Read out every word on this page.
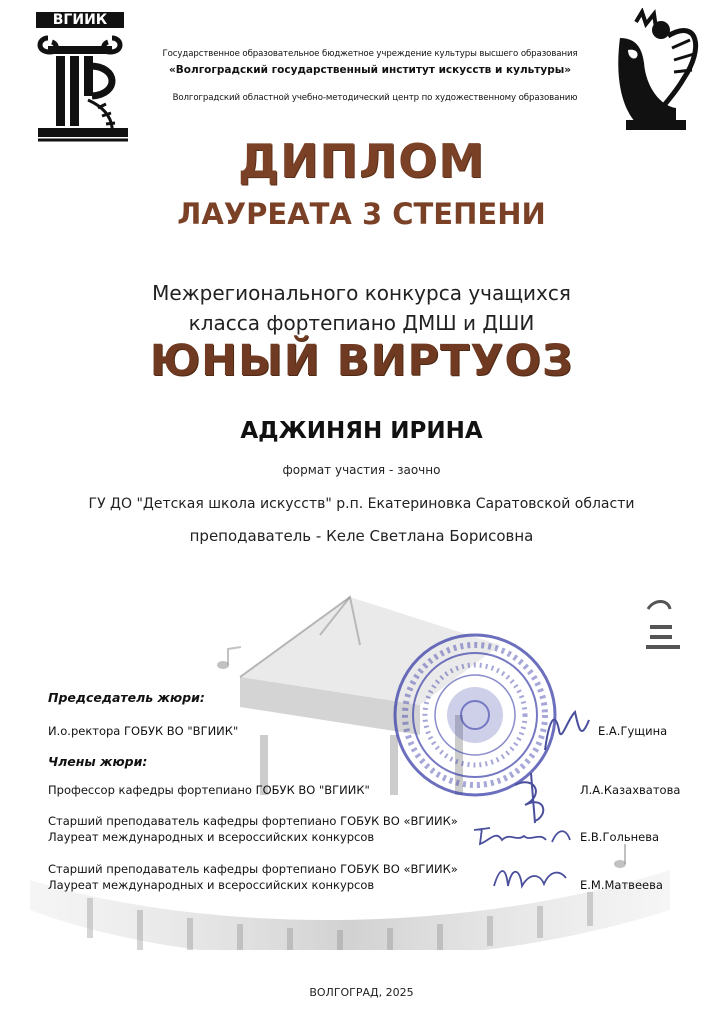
ВГИИК
Государственное образовательное бюджетное учреждение культуры высшего образования
«Волгоградский государственный институт искусств и культуры»
Волгоградский областной учебно-методический центр по художественному образованию
ДИПЛОМ
ЛАУРЕАТА 3 СТЕПЕНИ
Межрегионального конкурса учащихся
класса фортепиано ДМШ и ДШИ
ЮНЫЙ ВИРТУОЗ
АДЖИНЯН ИРИНА
формат участия - заочно
ГУ ДО "Детская школа искусств" р.п. Екатериновка Саратовской области
преподаватель - Келе Светлана Борисовна
Председатель жюри:
И.о.ректора ГОБУК ВО "ВГИИК"	Е.А.Гущина
Члены жюри:
Профессор кафедры фортепиано ГОБУК ВО "ВГИИК"	Л.А.Казахватова
Старший преподаватель кафедры фортепиано ГОБУК ВО «ВГИИК»
Лауреат международных и всероссийских конкурсов	Е.В.Гольнева
Старший преподаватель кафедры фортепиано ГОБУК ВО «ВГИИК»
Лауреат международных и всероссийских конкурсов	Е.М.Матвеева
ВОЛГОГРАД, 2025
